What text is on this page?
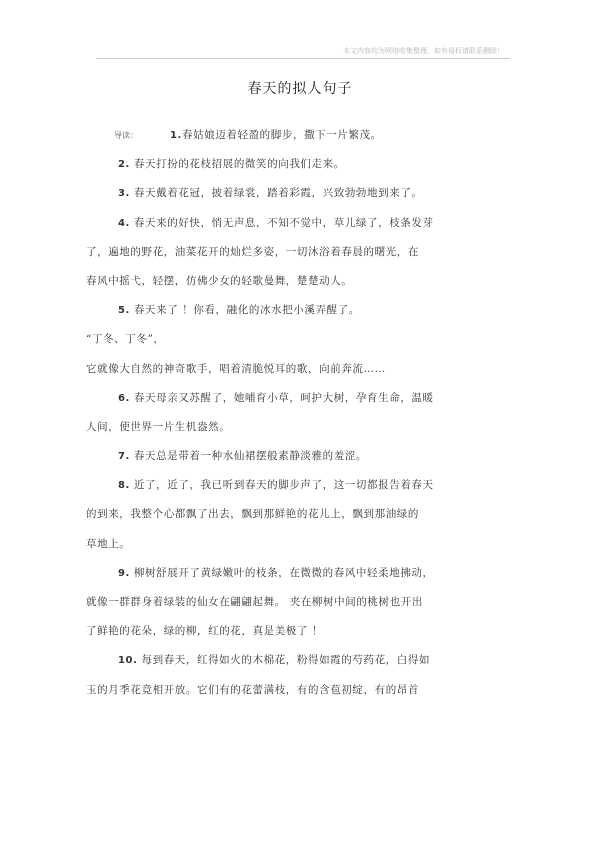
本文内容均为网络收集整理，如有侵权请联系删除！
春天的拟人句子
导读：	1.春姑娘迈着轻盈的脚步，撒下一片繁茂。
2. 春天打扮的花枝招展的微笑的向我们走来。
3. 春天戴着花冠，披着绿裳，踏着彩霞，兴致勃勃地到来了。
4. 春天来的好快，悄无声息，不知不觉中，草儿绿了，枝条发芽
了，遍地的野花，油菜花开的灿烂多姿，一切沐浴着春晨的曙光，在
春风中摇弋，轻摆，仿佛少女的轻歌曼舞，楚楚动人。
5. 春天来了 ！你看，融化的冰水把小溪弄醒了。
“丁冬、丁冬”，
它就像大自然的神奇歌手，唱着清脆悦耳的歌，向前奔流……
6. 春天母亲又苏醒了，她哺育小草，呵护大树，孕育生命，温暖
人间，使世界一片生机盎然。
7. 春天总是带着一种水仙裙摆般素静淡雅的羞涩。
8. 近了，近了，我已听到春天的脚步声了，这一切都报告着春天
的到来，我整个心都飘了出去，飘到那鲜艳的花儿上，飘到那油绿的
草地上。
9. 柳树舒展开了黄绿嫩叶的枝条，在微微的春风中轻柔地拂动，
就像一群群身着绿装的仙女在翩翩起舞。 夹在柳树中间的桃树也开出
了鲜艳的花朵，绿的柳，红的花，真是美极了 ！
10. 每到春天，红得如火的木棉花，粉得如霞的芍药花，白得如
玉的月季花竞相开放。它们有的花蕾满枝，有的含苞初绽，有的昂首
